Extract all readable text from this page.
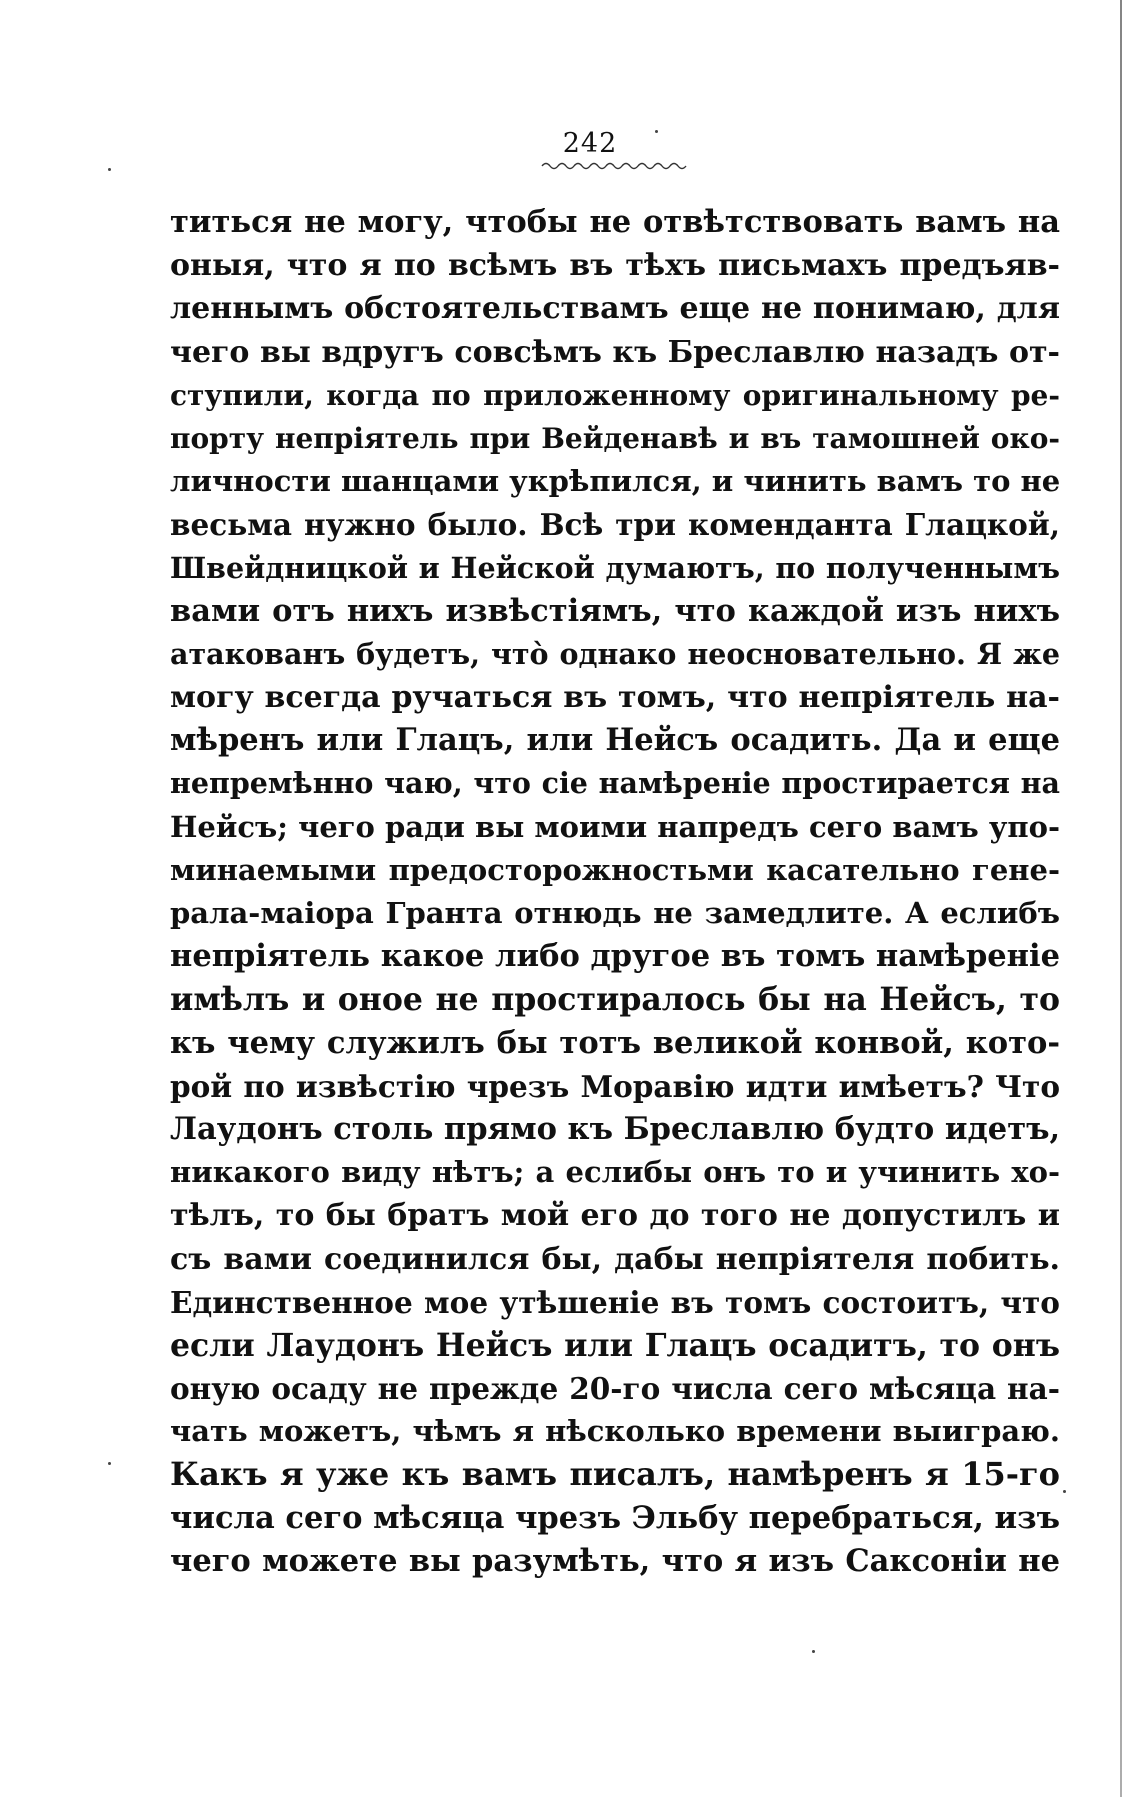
242
титься не могу, чтобы не отвѣтствовать вамъ на
оныя, что я по всѣмъ въ тѣхъ письмахъ предъяв-
леннымъ обстоятельствамъ еще не понимаю, для
чего вы вдругъ совсѣмъ къ Бреславлю назадъ от-
ступили, когда по приложенному оригинальному ре-
порту непріятель при Вейденавѣ и въ тамошней око-
личности шанцами укрѣпился, и чинить вамъ то не
весьма нужно было. Всѣ три коменданта Глацкой,
Швейдницкой и Нейской думаютъ, по полученнымъ
вами отъ нихъ извѣстіямъ, что каждой изъ нихъ
атакованъ будетъ, что̀ однако неосновательно. Я же
могу всегда ручаться въ томъ, что непріятель на-
мѣренъ или Глацъ, или Нейсъ осадить. Да и еще
непремѣнно чаю, что сіе намѣреніе простирается на
Нейсъ; чего ради вы моими напредъ сего вамъ упо-
минаемыми предосторожностьми касательно гене-
рала-маіора Гранта отнюдь не замедлите. А еслибъ
непріятель какое либо другое въ томъ намѣреніе
имѣлъ и оное не простиралось бы на Нейсъ, то
къ чему служилъ бы тотъ великой конвой, кото-
рой по извѣстію чрезъ Моравію идти имѣетъ? Что
Лаудонъ столь прямо къ Бреславлю будто идетъ,
никакого виду нѣтъ; а еслибы онъ то и учинить хо-
тѣлъ, то бы братъ мой его до того не допустилъ и
съ вами соединился бы, дабы непріятеля побить.
Единственное мое утѣшеніе въ томъ состоитъ, что
если Лаудонъ Нейсъ или Глацъ осадитъ, то онъ
оную осаду не прежде 20-го числа сего мѣсяца на-
чать можетъ, чѣмъ я нѣсколько времени выиграю.
Какъ я уже къ вамъ писалъ, намѣренъ я 15-го
числа сего мѣсяца чрезъ Эльбу перебраться, изъ
чего можете вы разумѣть, что я изъ Саксоніи не
